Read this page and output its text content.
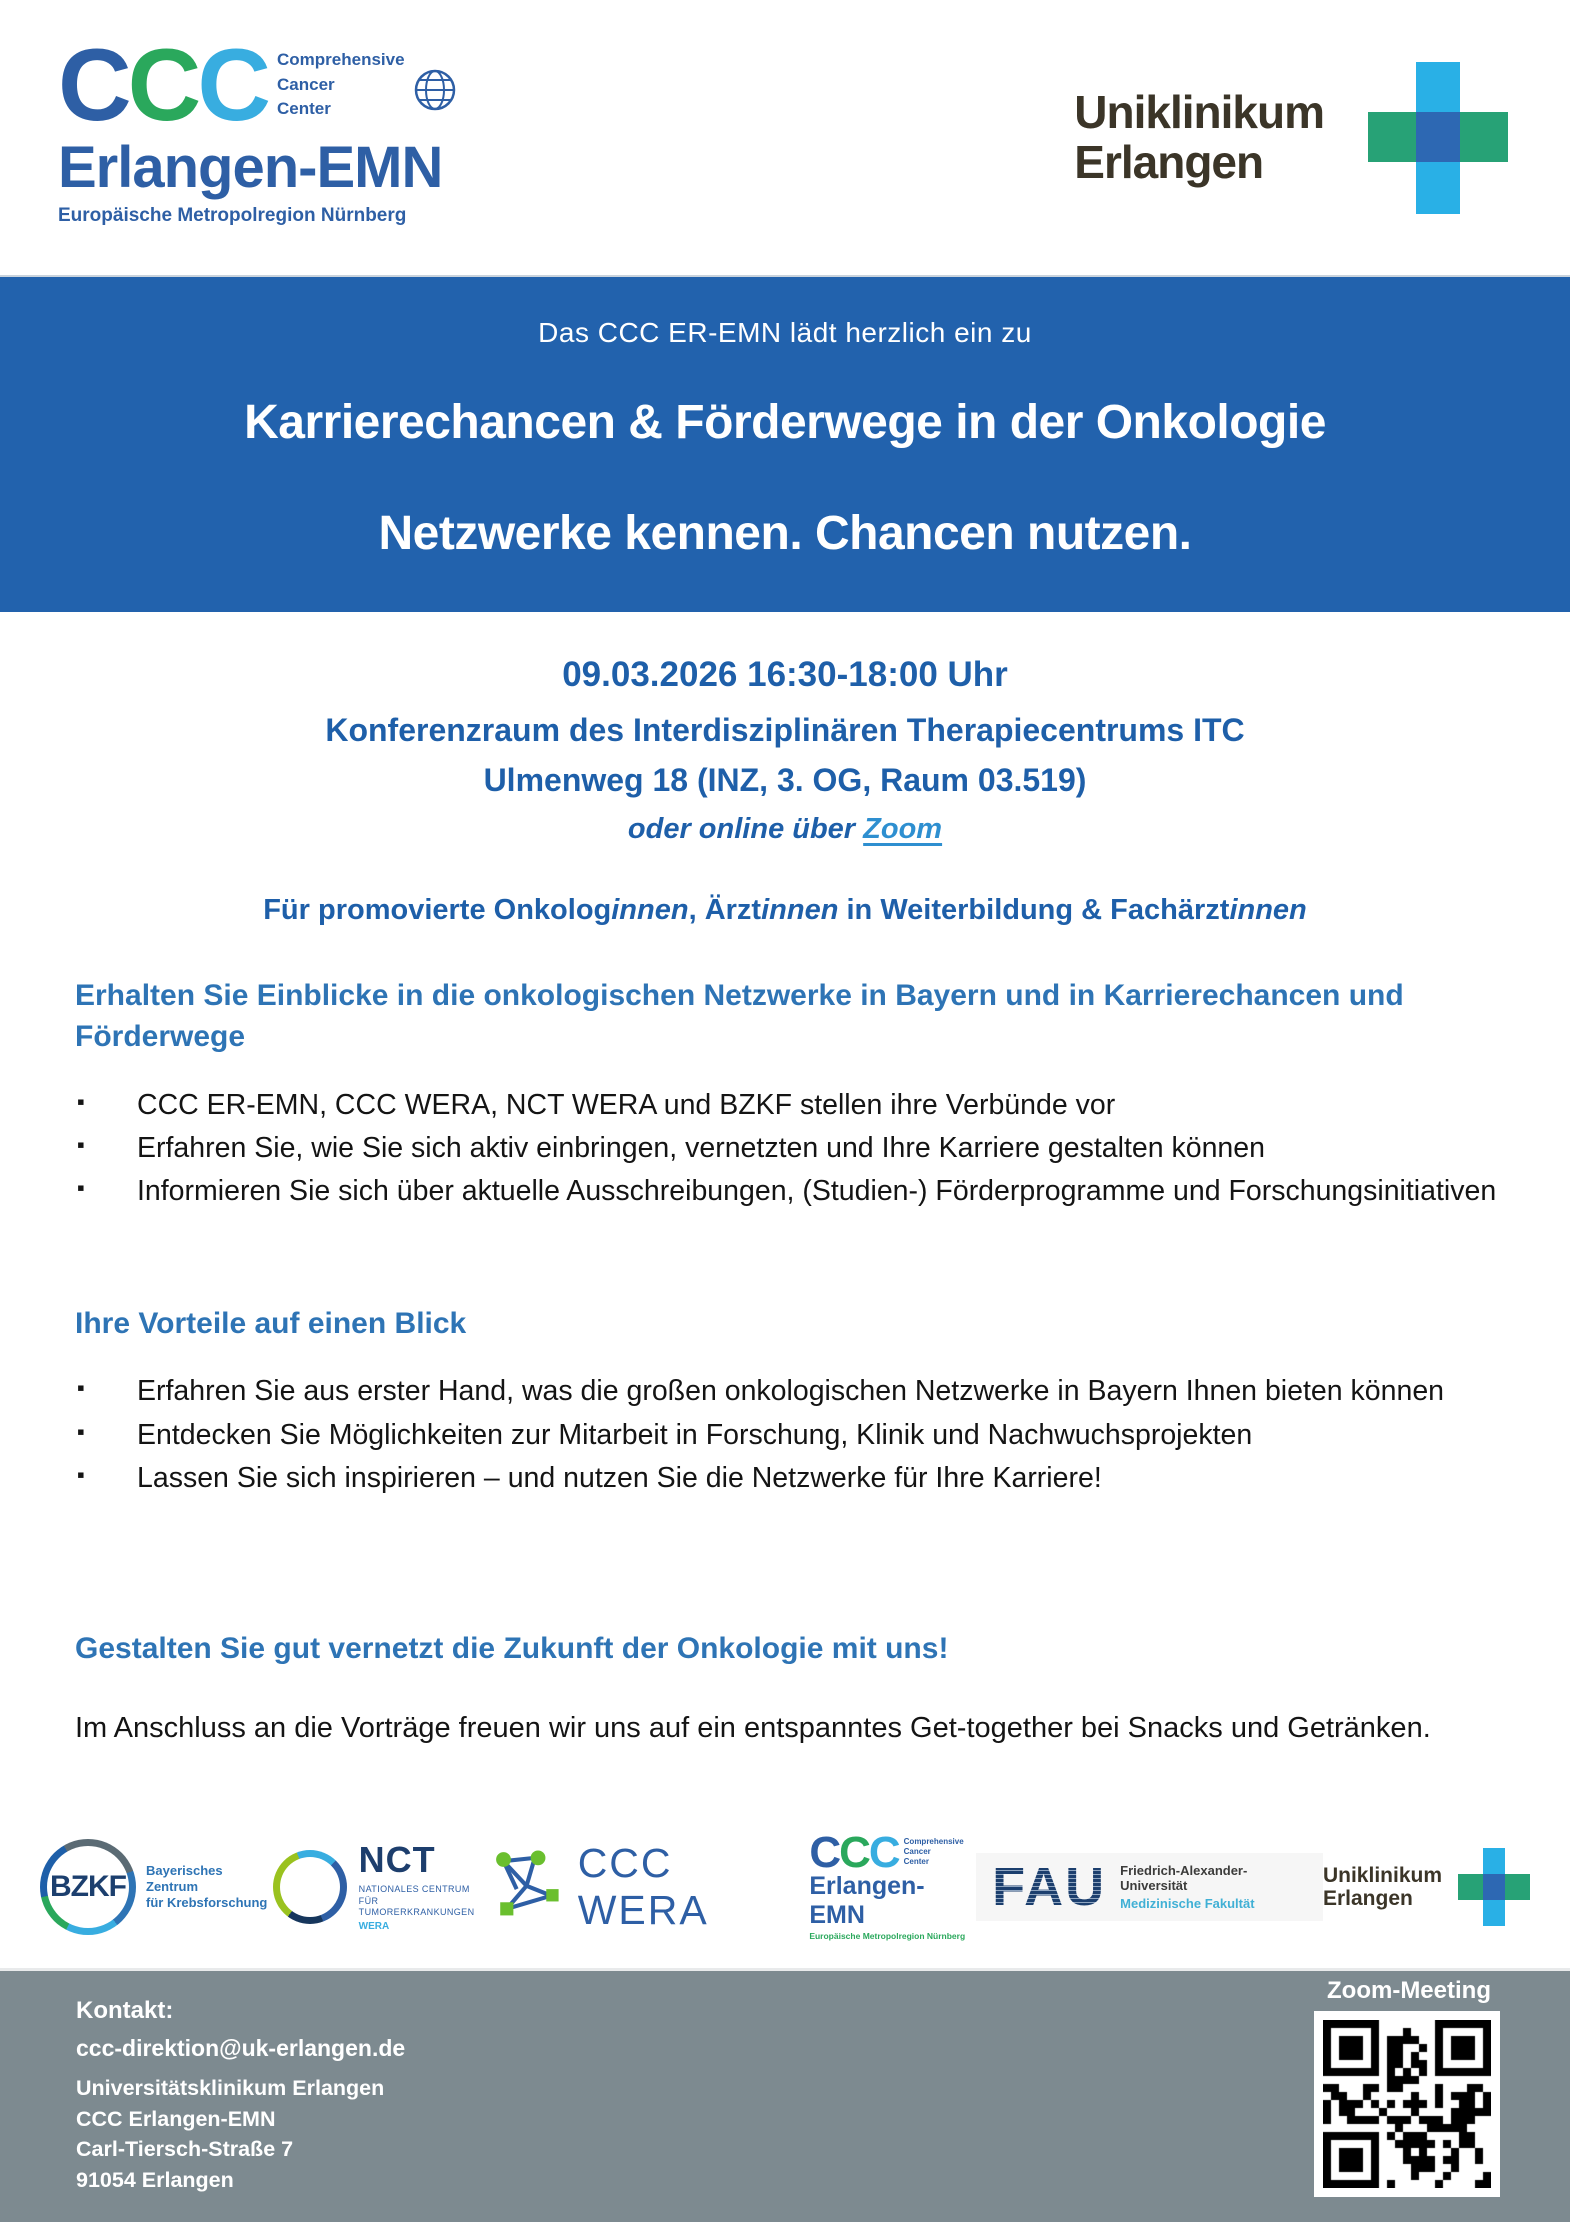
CCC Comprehensive
Cancer
Center
Erlangen-EMN
Europäische Metropolregion Nürnberg
Uniklinikum
Erlangen
Das CCC ER-EMN lädt herzlich ein zu
Karrierechancen & Förderwege in der Onkologie
Netzwerke kennen. Chancen nutzen.
09.03.2026 16:30-18:00 Uhr
Konferenzraum des Interdisziplinären Therapiecentrums ITC
Ulmenweg 18 (INZ, 3. OG, Raum 03.519)
oder online über Zoom
Für promovierte Onkologinnen, Ärztinnen in Weiterbildung & Fachärztinnen
Erhalten Sie Einblicke in die onkologischen Netzwerke in Bayern und in Karrierechancen und Förderwege
▪ CCC ER-EMN, CCC WERA, NCT WERA und BZKF stellen ihre Verbünde vor
▪ Erfahren Sie, wie Sie sich aktiv einbringen, vernetzten und Ihre Karriere gestalten können
▪ Informieren Sie sich über aktuelle Ausschreibungen, (Studien-) Förderprogramme und Forschungsinitiativen
Ihre Vorteile auf einen Blick
▪ Erfahren Sie aus erster Hand, was die großen onkologischen Netzwerke in Bayern Ihnen bieten können
▪ Entdecken Sie Möglichkeiten zur Mitarbeit in Forschung, Klinik und Nachwuchsprojekten
▪ Lassen Sie sich inspirieren – und nutzen Sie die Netzwerke für Ihre Karriere!
Gestalten Sie gut vernetzt die Zukunft der Onkologie mit uns!
Im Anschluss an die Vorträge freuen wir uns auf ein entspanntes Get-together bei Snacks und Getränken.
BZKF Bayerisches Zentrum
für Krebsforschung
NCT
NATIONALES CENTRUM
FÜR TUMORERKRANKUNGEN
WERA
CCC WERA
CCC Comprehensive
Cancer
Center
Erlangen-EMN
Europäische Metropolregion Nürnberg
FAU Friedrich-Alexander-Universität
Medizinische Fakultät
Uniklinikum
Erlangen
Kontakt:
ccc-direktion@uk-erlangen.de
Universitätsklinikum Erlangen
CCC Erlangen-EMN
Carl-Tiersch-Straße 7
91054 Erlangen
Zoom-Meeting
